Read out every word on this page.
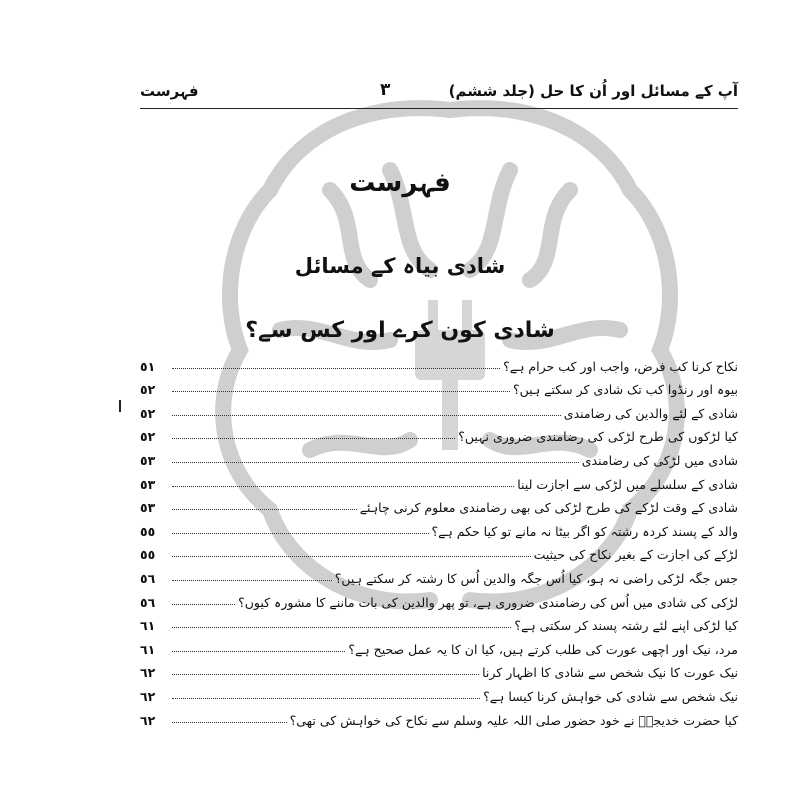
آپ کے مسائل اور اُن کا حل (جلد ششم)
٣
فہرست
فہرست
شادی بیاہ کے مسائل
شادی کون کرے اور کس سے؟
نکاح کرنا کب فرض، واجب اور کب حرام ہے؟
٥١
بیوہ اور رنڈوا کب تک شادی کر سکتے ہیں؟
٥٢
شادی کے لئے والدین کی رضامندی
٥٢
کیا لڑکوں کی طرح لڑکی کی رضامندی ضروری نہیں؟
٥٢
شادی میں لڑکی کی رضامندی
٥٣
شادی کے سلسلے میں لڑکی سے اجازت لینا
٥٣
شادی کے وقت لڑکے کی طرح لڑکی کی بھی رضامندی معلوم کرنی چاہئے
٥٣
والد کے پسند کردہ رشتہ کو اگر بیٹا نہ مانے تو کیا حکم ہے؟
٥٥
لڑکے کی اجازت کے بغیر نکاح کی حیثیت
٥٥
جس جگہ لڑکی راضی نہ ہو، کیا اُس جگہ والدین اُس کا رشتہ کر سکتے ہیں؟
٥٦
لڑکی کی شادی میں اُس کی رضامندی ضروری ہے، تو پھر والدین کی بات ماننے کا مشورہ کیوں؟
٥٦
کیا لڑکی اپنے لئے رشتہ پسند کر سکتی ہے؟
٦١
مرد، نیک اور اچھی عورت کی طلب کرتے ہیں، کیا ان کا یہ عمل صحیح ہے؟
٦١
نیک عورت کا نیک شخص سے شادی کا اظہار کرنا
٦٢
نیک شخص سے شادی کی خواہش کرنا کیسا ہے؟
٦٢
کیا حضرت خدیجہؓ نے خود حضور صلی اللہ علیہ وسلم سے نکاح کی خواہش کی تھی؟
٦٢
